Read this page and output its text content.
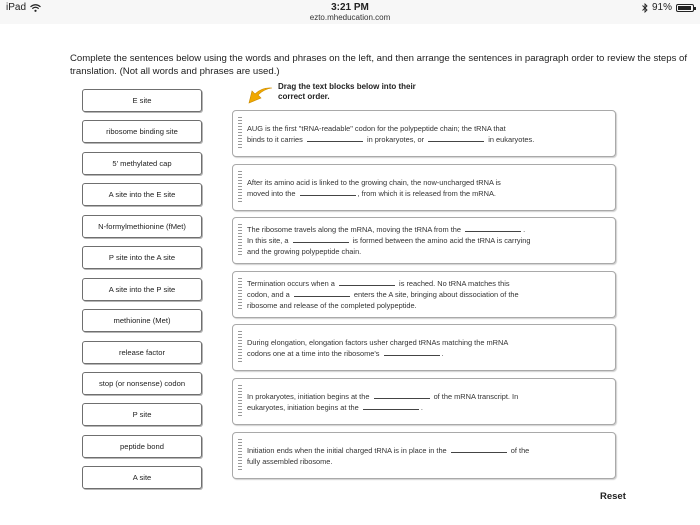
iPad	3:21 PM
ezto.mheducation.com
91%
Complete the sentences below using the words and phrases on the left, and then arrange the sentences in paragraph order to review the steps of translation. (Not all words and phrases are used.)
E site
ribosome binding site
5' methylated cap
A site into the E site
N-formylmethionine (fMet)
P site into the A site
A site into the P site
methionine (Met)
release factor
stop (or nonsense) codon
P site
peptide bond
A site
Drag the text blocks below into their
correct order.

AUG is the first "tRNA-readable" codon for the polypeptide chain; the tRNA that
binds to it carries	in prokaryotes, or	in eukaryotes.

After its amino acid is linked to the growing chain, the now-uncharged tRNA is
moved into the	, from which it is released from the mRNA.

The ribosome travels along the mRNA, moving the tRNA from the	.
In this site, a	is formed between the amino acid the tRNA is carrying
and the growing polypeptide chain.

Termination occurs when a	is reached. No tRNA matches this
codon, and a	enters the A site, bringing about dissociation of the
ribosome and release of the completed polypeptide.

During elongation, elongation factors usher charged tRNAs matching the mRNA
codons one at a time into the ribosome's	.

In prokaryotes, initiation begins at the	of the mRNA transcript. In
eukaryotes, initiation begins at the	.

Initiation ends when the initial charged tRNA is in place in the	of the
fully assembled ribosome.

Reset
